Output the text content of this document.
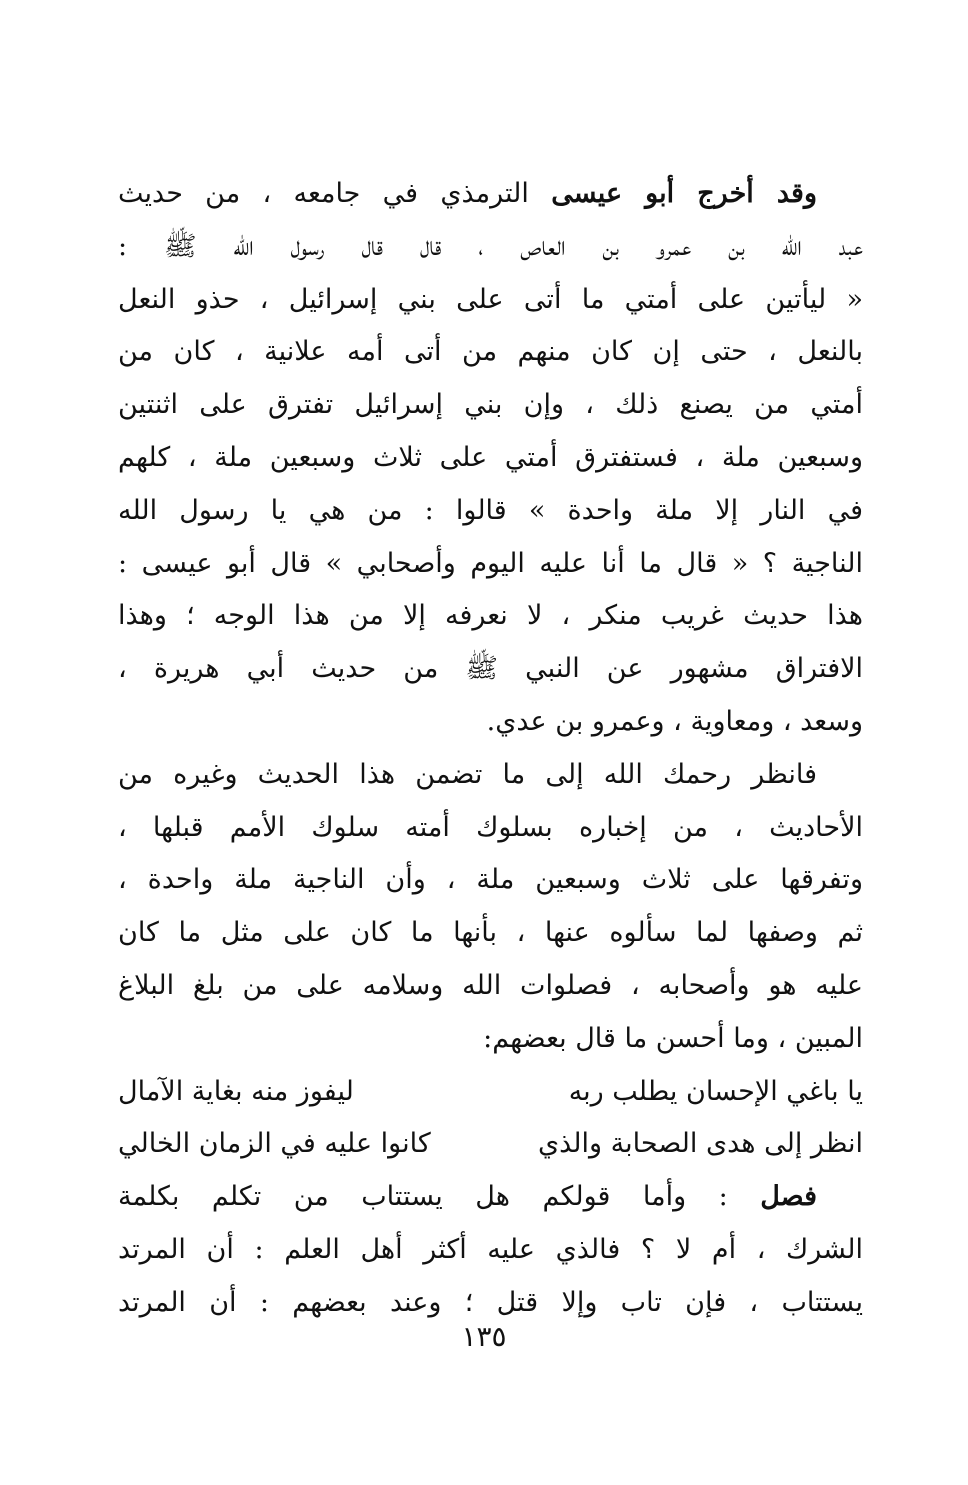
وقد أخرج أبو عيسى الترمذي في جامعه ، من حديث
عبد الله بن عمرو بن العاص ، قال قال رسول الله ﷺ :
« ليأتين على أمتي ما أتى على بني إسرائيل ، حذو النعل
بالنعل ، حتى إن كان منهم من أتى أمه علانية ، كان من
أمتي من يصنع ذلك ، وإن بني إسرائيل تفترق على اثنتين
وسبعين ملة ، فستفترق أمتي على ثلاث وسبعين ملة ، كلهم
في النار إلا ملة واحدة » قالوا : من هي يا رسول الله
الناجية ؟ « قال ما أنا عليه اليوم وأصحابي » قال أبو عيسى :
هذا حديث غريب منكر ، لا نعرفه إلا من هذا الوجه ؛ وهذا
الافتراق مشهور عن النبي ﷺ من حديث أبي هريرة ،
وسعد ، ومعاوية ، وعمرو بن عدي.
فانظر رحمك الله إلى ما تضمن هذا الحديث وغيره من
الأحاديث ، من إخباره بسلوك أمته سلوك الأمم قبلها ،
وتفرقها على ثلاث وسبعين ملة ، وأن الناجية ملة واحدة ،
ثم وصفها لما سألوه عنها ، بأنها ما كان على مثل ما كان
عليه هو وأصحابه ، فصلوات الله وسلامه على من بلغ البلاغ
المبين ، وما أحسن ما قال بعضهم:
يا باغي الإحسان يطلب ربه
ليفوز منه بغاية الآمال
انظر إلى هدى الصحابة والذي
كانوا عليه في الزمان الخالي
فصل : وأما قولكم هل يستتاب من تكلم بكلمة
الشرك ، أم لا ؟ فالذي عليه أكثر أهل العلم : أن المرتد
يستتاب ، فإن تاب وإلا قتل ؛ وعند بعضهم : أن المرتد
١٣٥
